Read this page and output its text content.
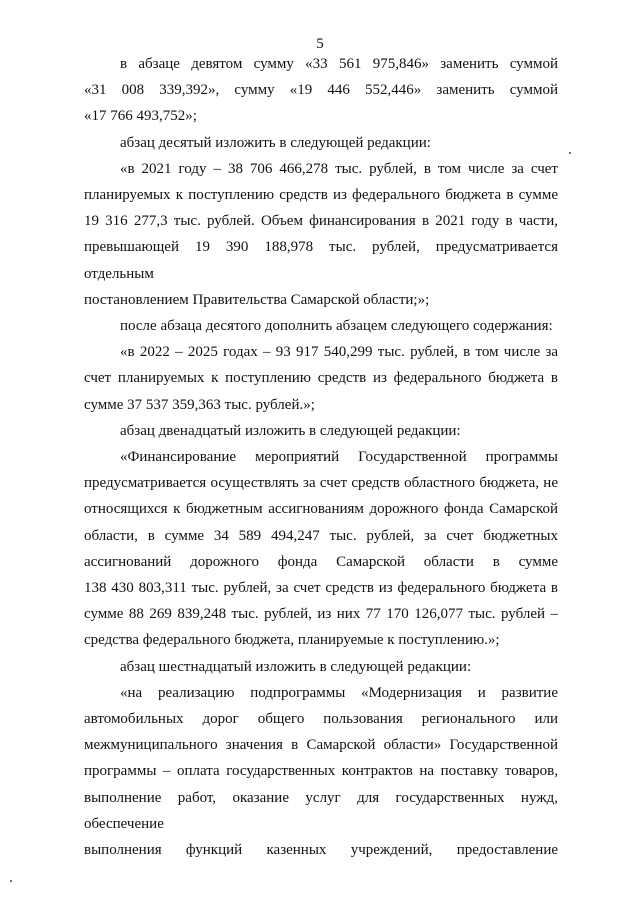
5
в абзаце девятом сумму «33 561 975,846» заменить суммой
«31 008 339,392», сумму «19 446 552,446» заменить суммой
«17 766 493,752»;
абзац десятый изложить в следующей редакции:
«в 2021 году – 38 706 466,278 тыс. рублей, в том числе за счет
планируемых к поступлению средств из федерального бюджета в сумме
19 316 277,3 тыс. рублей. Объем финансирования в 2021 году в части,
превышающей 19 390 188,978 тыс. рублей, предусматривается отдельным
постановлением Правительства Самарской области;»;
после абзаца десятого дополнить абзацем следующего содержания:
«в 2022 – 2025 годах – 93 917 540,299 тыс. рублей, в том числе за
счет планируемых к поступлению средств из федерального бюджета в
сумме 37 537 359,363 тыс. рублей.»;
абзац двенадцатый изложить в следующей редакции:
«Финансирование мероприятий Государственной программы
предусматривается осуществлять за счет средств областного бюджета, не
относящихся к бюджетным ассигнованиям дорожного фонда Самарской
области, в сумме 34 589 494,247 тыс. рублей, за счет бюджетных
ассигнований дорожного фонда Самарской области в сумме
138 430 803,311 тыс. рублей, за счет средств из федерального бюджета в
сумме 88 269 839,248 тыс. рублей, из них 77 170 126,077 тыс. рублей –
средства федерального бюджета, планируемые к поступлению.»;
абзац шестнадцатый изложить в следующей редакции:
«на реализацию подпрограммы «Модернизация и развитие
автомобильных дорог общего пользования регионального или
межмуниципального значения в Самарской области» Государственной
программы – оплата государственных контрактов на поставку товаров,
выполнение работ, оказание услуг для государственных нужд, обеспечение
выполнения функций казенных учреждений, предоставление
